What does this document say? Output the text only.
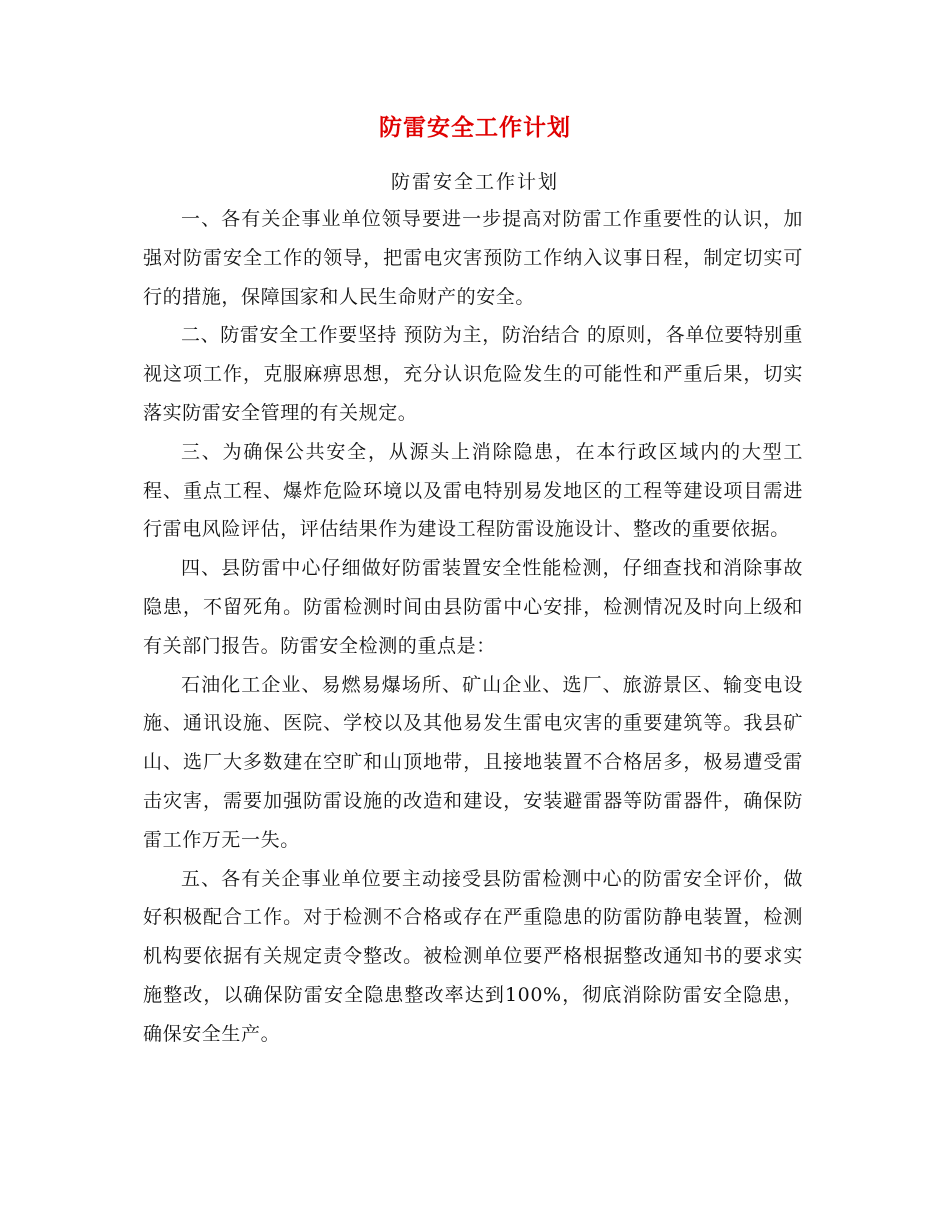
防雷安全工作计划
防雷安全工作计划

一、各有关企事业单位领导要进一步提高对防雷工作重要性的认识，加强对防雷安全工作的领导，把雷电灾害预防工作纳入议事日程，制定切实可行的措施，保障国家和人民生命财产的安全。

二、防雷安全工作要坚持 预防为主，防治结合 的原则，各单位要特别重视这项工作，克服麻痹思想，充分认识危险发生的可能性和严重后果，切实落实防雷安全管理的有关规定。

三、为确保公共安全，从源头上消除隐患，在本行政区域内的大型工程、重点工程、爆炸危险环境以及雷电特别易发地区的工程等建设项目需进行雷电风险评估，评估结果作为建设工程防雷设施设计、整改的重要依据。

四、县防雷中心仔细做好防雷装置安全性能检测，仔细查找和消除事故隐患，不留死角。防雷检测时间由县防雷中心安排，检测情况及时向上级和有关部门报告。防雷安全检测的重点是：

石油化工企业、易燃易爆场所、矿山企业、选厂、旅游景区、输变电设施、通讯设施、医院、学校以及其他易发生雷电灾害的重要建筑等。我县矿山、选厂大多数建在空旷和山顶地带，且接地装置不合格居多，极易遭受雷击灾害，需要加强防雷设施的改造和建设，安装避雷器等防雷器件，确保防雷工作万无一失。

五、各有关企事业单位要主动接受县防雷检测中心的防雷安全评价，做好积极配合工作。对于检测不合格或存在严重隐患的防雷防静电装置，检测机构要依据有关规定责令整改。被检测单位要严格根据整改通知书的要求实施整改，以确保防雷安全隐患整改率达到100%，彻底消除防雷安全隐患，确保安全生产。
